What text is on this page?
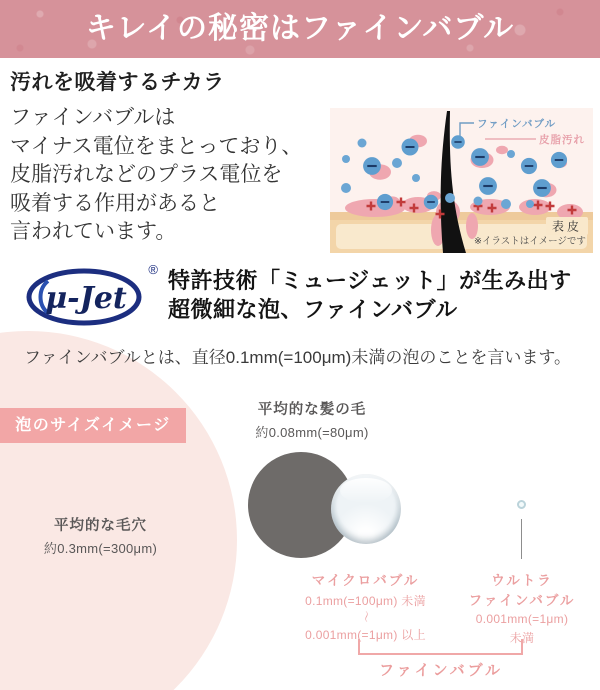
キレイの秘密はファインバブル
汚れを吸着するチカラ
ファインバブルは
マイナス電位をまとっており、
皮脂汚れなどのプラス電位を
吸着する作用があると
言われています。
ファインバブル
皮脂汚れ
表皮
※イラストはイメージです
μ-Jet
® 特許技術「ミュージェット」が生み出す
超微細な泡、ファインバブル
ファインバブルとは、直径0.1mm(=100μm)未満の泡のことを言います。
泡のサイズイメージ
平均的な髪の毛
約0.08mm(=80μm)
平均的な毛穴
約0.3mm(=300μm)
マイクロバブル
0.1mm(=100μm) 未満
〜
0.001mm(=1μm) 以上
ウルトラ
ファインバブル
0.001mm(=1μm)
未満
ファインバブル
